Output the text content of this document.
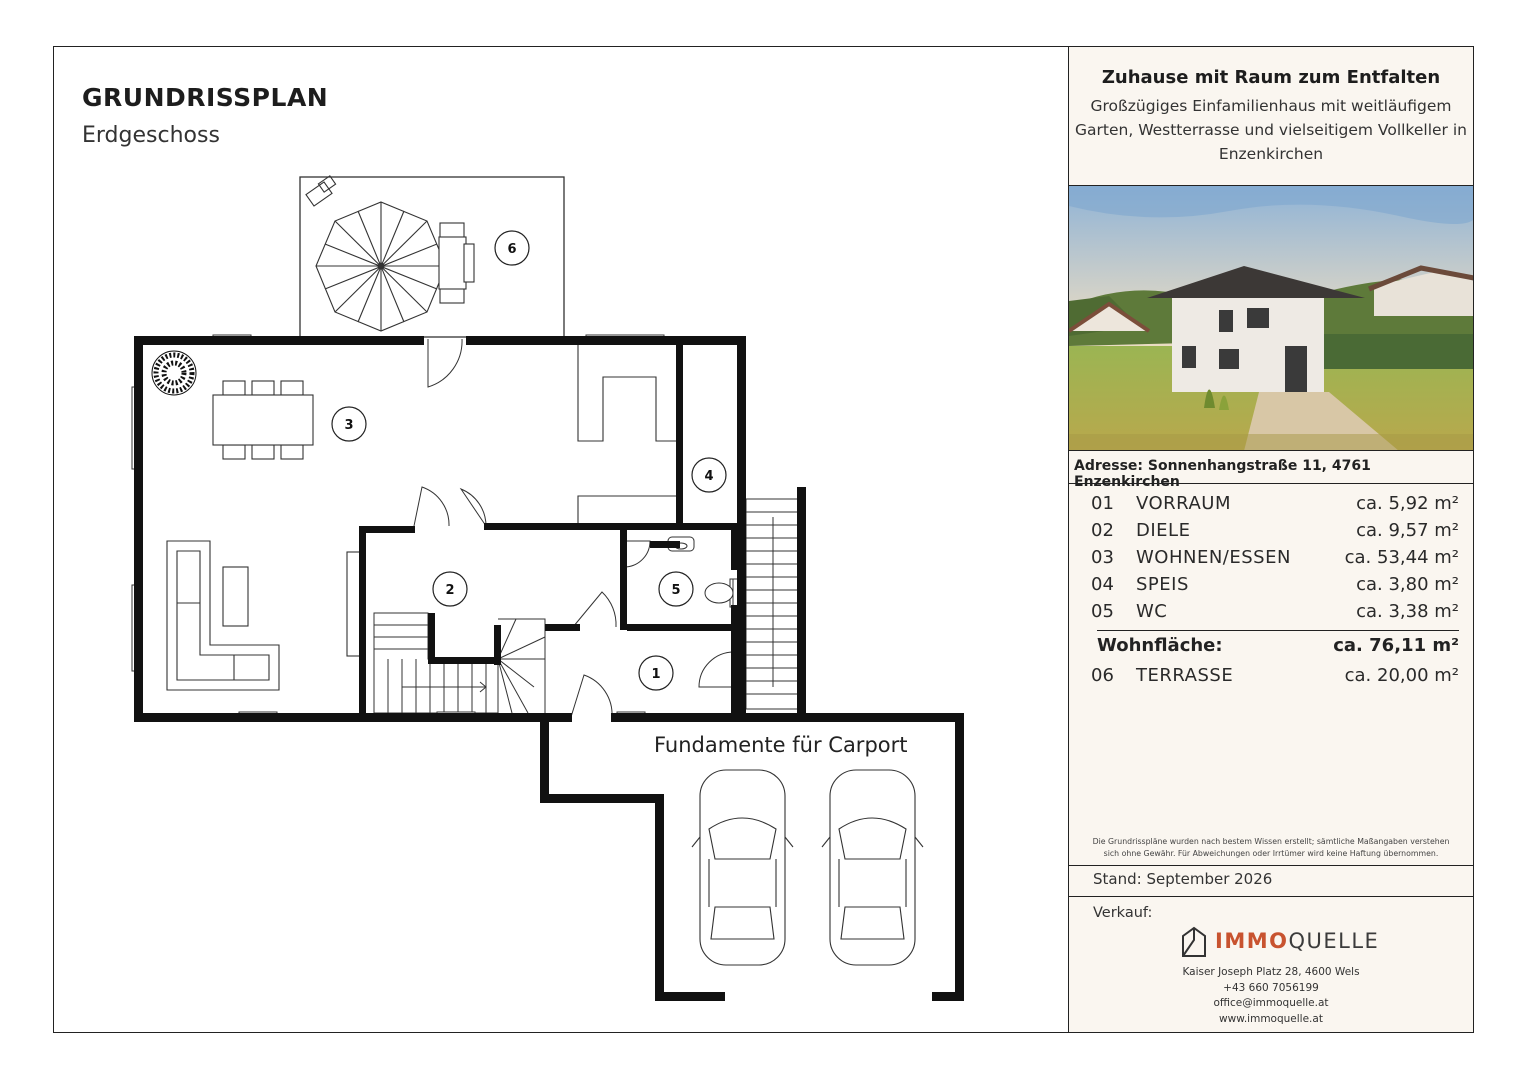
GRUNDRISSPLAN
Erdgeschoss
1
2
3
4
5
6
Fundamente für Carport
Zuhause mit Raum zum Entfalten
Großzügiges Einfamilienhaus mit weitläufigem Garten, Westterrasse und vielseitigem Vollkeller in Enzenkirchen
Adresse: Sonnenhangstraße 11, 4761 Enzenkirchen
01 VORRAUM	ca. 5,92 m²
02 DIELE	ca. 9,57 m²
03 WOHNEN/ESSEN	ca. 53,44 m²
04 SPEIS	ca. 3,80 m²
05 WC	ca. 3,38 m²
Wohnfläche:	ca. 76,11 m²
06 TERRASSE	ca. 20,00 m²
Die Grundrisspläne wurden nach bestem Wissen erstellt; sämtliche Maßangaben verstehen
sich ohne Gewähr. Für Abweichungen oder Irrtümer wird keine Haftung übernommen.
Stand: September 2026
Verkauf:
IMMOQUELLE
Kaiser Joseph Platz 28, 4600 Wels
+43 660 7056199
office@immoquelle.at
www.immoquelle.at
